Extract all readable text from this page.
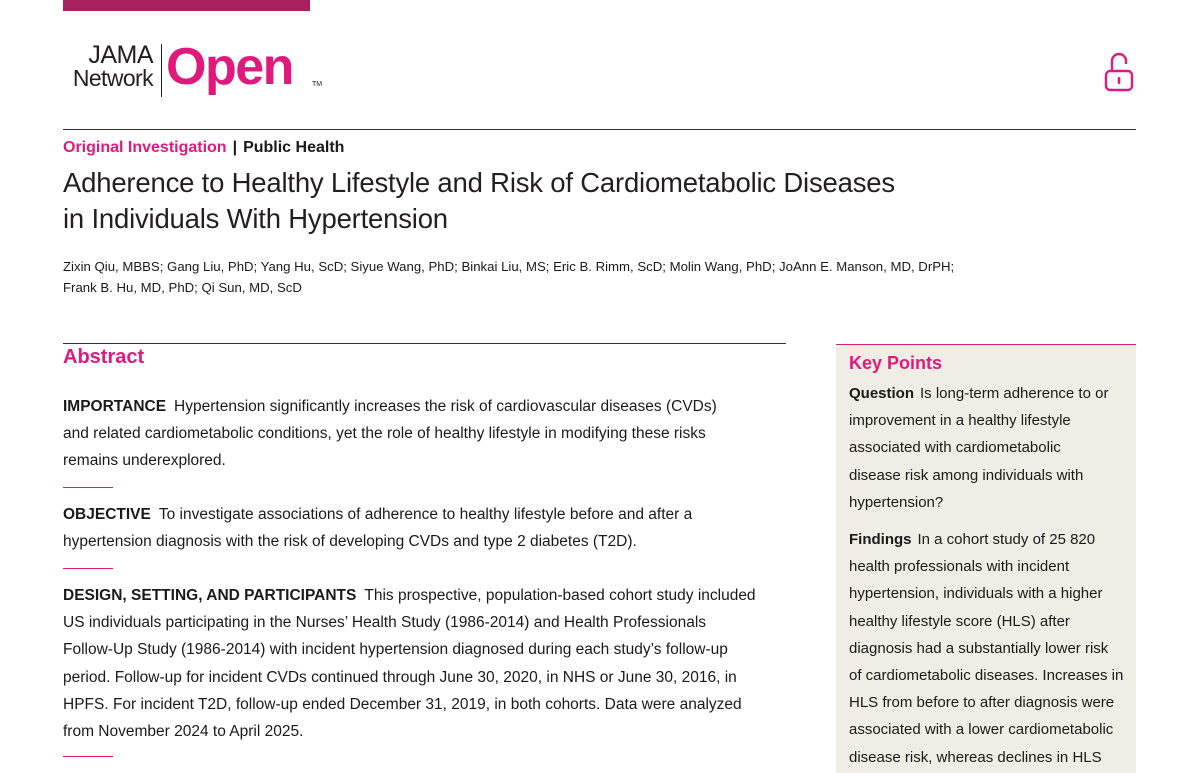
JAMA
Network Open	TM
Original Investigation | Public Health
Adherence to Healthy Lifestyle and Risk of Cardiometabolic Diseases
in Individuals With Hypertension

Zixin Qiu, MBBS; Gang Liu, PhD; Yang Hu, ScD; Siyue Wang, PhD; Binkai Liu, MS; Eric B. Rimm, ScD; Molin Wang, PhD; JoAnn E. Manson, MD, DrPH;
Frank B. Hu, MD, PhD; Qi Sun, MD, ScD

Abstract

IMPORTANCE Hypertension significantly increases the risk of cardiovascular diseases (CVDs)
and related cardiometabolic conditions, yet the role of healthy lifestyle in modifying these risks
remains underexplored.

OBJECTIVE To investigate associations of adherence to healthy lifestyle before and after a
hypertension diagnosis with the risk of developing CVDs and type 2 diabetes (T2D).

DESIGN, SETTING, AND PARTICIPANTS This prospective, population-based cohort study included
US individuals participating in the Nurses’ Health Study (1986-2014) and Health Professionals
Follow-Up Study (1986-2014) with incident hypertension diagnosed during each study’s follow-up
period. Follow-up for incident CVDs continued through June 30, 2020, in NHS or June 30, 2016, in
HPFS. For incident T2D, follow-up ended December 31, 2019, in both cohorts. Data were analyzed
from November 2024 to April 2025.

Key Points

Question Is long-term adherence to or
improvement in a healthy lifestyle
associated with cardiometabolic
disease risk among individuals with
hypertension?

Findings In a cohort study of 25 820
health professionals with incident
hypertension, individuals with a higher
healthy lifestyle score (HLS) after
diagnosis had a substantially lower risk
of cardiometabolic diseases. Increases in
HLS from before to after diagnosis were
associated with a lower cardiometabolic
disease risk, whereas declines in HLS
